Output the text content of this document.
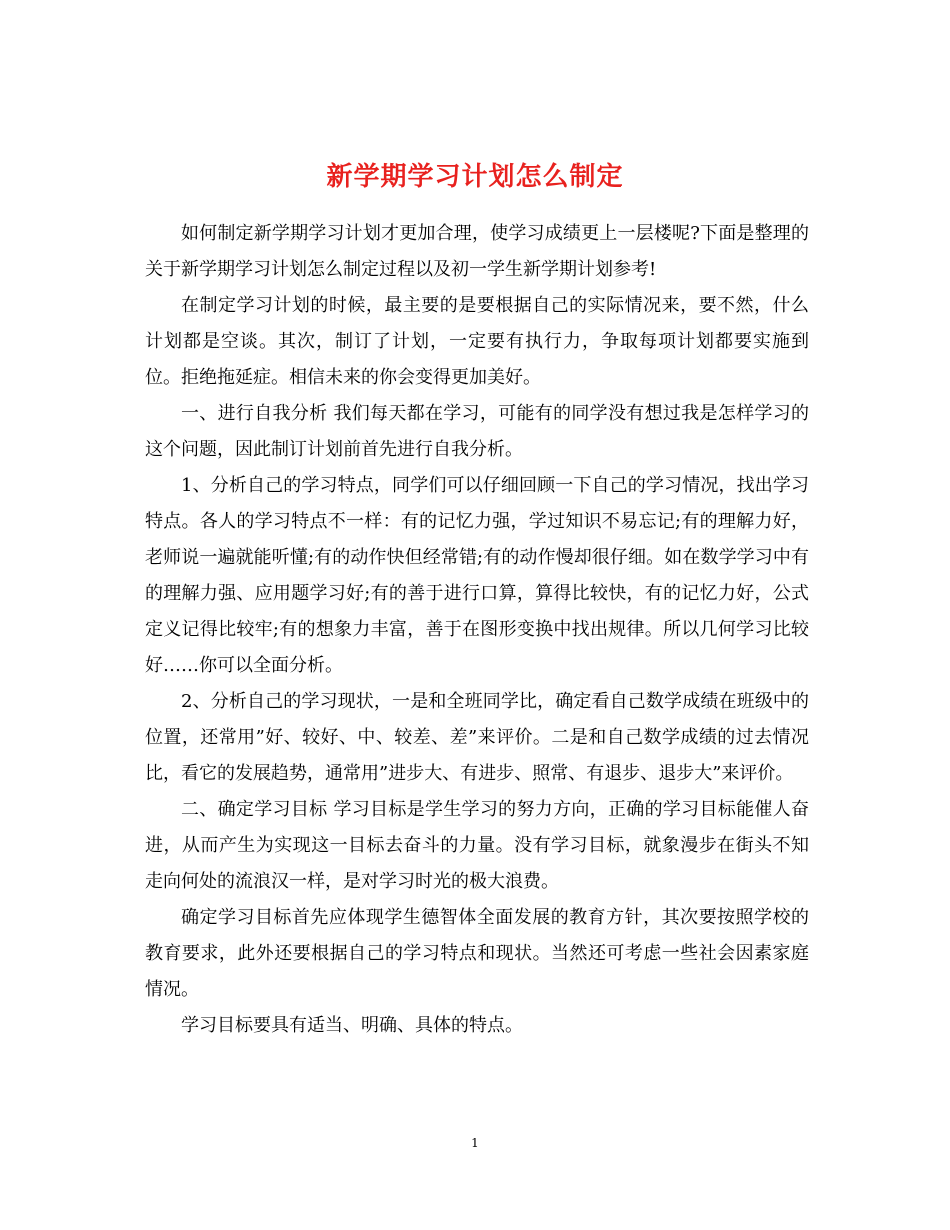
新学期学习计划怎么制定

如何制定新学期学习计划才更加合理，使学习成绩更上一层楼呢?下面是整理的关于新学期学习计划怎么制定过程以及初一学生新学期计划参考!

在制定学习计划的时候，最主要的是要根据自己的实际情况来，要不然，什么计划都是空谈。其次，制订了计划，一定要有执行力，争取每项计划都要实施到位。拒绝拖延症。相信未来的你会变得更加美好。

一、进行自我分析 我们每天都在学习，可能有的同学没有想过我是怎样学习的这个问题，因此制订计划前首先进行自我分析。

1、分析自己的学习特点，同学们可以仔细回顾一下自己的学习情况，找出学习特点。各人的学习特点不一样：有的记忆力强，学过知识不易忘记;有的理解力好，老师说一遍就能听懂;有的动作快但经常错;有的动作慢却很仔细。如在数学学习中有的理解力强、应用题学习好;有的善于进行口算，算得比较快，有的记忆力好，公式定义记得比较牢;有的想象力丰富，善于在图形变换中找出规律。所以几何学习比较好……你可以全面分析。

2、分析自己的学习现状，一是和全班同学比，确定看自己数学成绩在班级中的位置，还常用”好、较好、中、较差、差”来评价。二是和自己数学成绩的过去情况比，看它的发展趋势，通常用”进步大、有进步、照常、有退步、退步大”来评价。

二、确定学习目标 学习目标是学生学习的努力方向，正确的学习目标能催人奋进，从而产生为实现这一目标去奋斗的力量。没有学习目标，就象漫步在街头不知走向何处的流浪汉一样，是对学习时光的极大浪费。

确定学习目标首先应体现学生德智体全面发展的教育方针，其次要按照学校的教育要求，此外还要根据自己的学习特点和现状。当然还可考虑一些社会因素家庭情况。

学习目标要具有适当、明确、具体的特点。

1
